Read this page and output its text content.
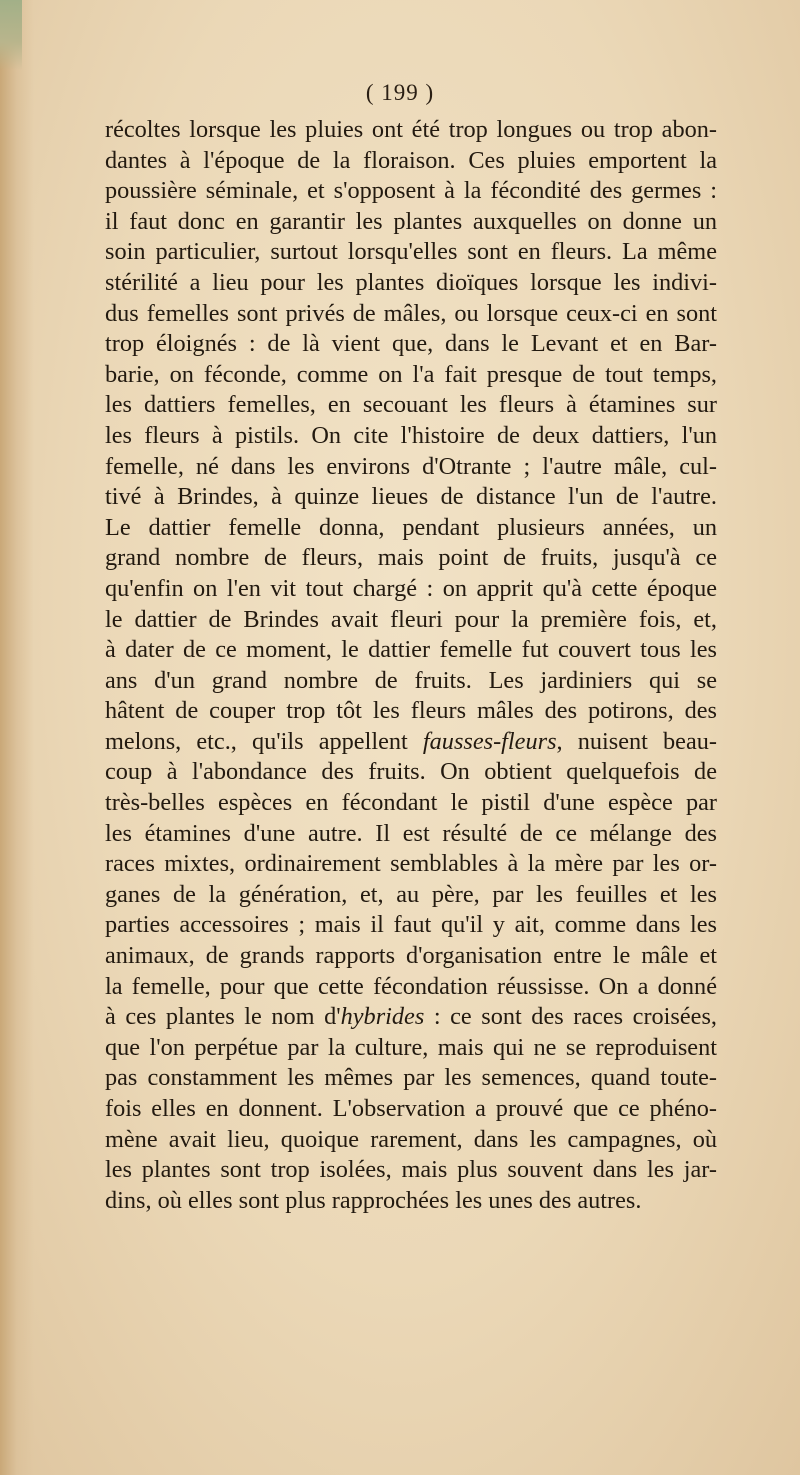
( 199 )
récoltes lorsque les pluies ont été trop longues ou trop abon-
dantes à l'époque de la floraison. Ces pluies emportent la
poussière séminale, et s'opposent à la fécondité des germes :
il faut donc en garantir les plantes auxquelles on donne un
soin particulier, surtout lorsqu'elles sont en fleurs. La même
stérilité a lieu pour les plantes dioïques lorsque les indivi-
dus femelles sont privés de mâles, ou lorsque ceux-ci en sont
trop éloignés : de là vient que, dans le Levant et en Bar-
barie, on féconde, comme on l'a fait presque de tout temps,
les dattiers femelles, en secouant les fleurs à étamines sur
les fleurs à pistils. On cite l'histoire de deux dattiers, l'un
femelle, né dans les environs d'Otrante ; l'autre mâle, cul-
tivé à Brindes, à quinze lieues de distance l'un de l'autre.
Le dattier femelle donna, pendant plusieurs années, un
grand nombre de fleurs, mais point de fruits, jusqu'à ce
qu'enfin on l'en vit tout chargé : on apprit qu'à cette époque
le dattier de Brindes avait fleuri pour la première fois, et,
à dater de ce moment, le dattier femelle fut couvert tous les
ans d'un grand nombre de fruits. Les jardiniers qui se
hâtent de couper trop tôt les fleurs mâles des potirons, des
melons, etc., qu'ils appellent fausses-fleurs, nuisent beau-
coup à l'abondance des fruits. On obtient quelquefois de
très-belles espèces en fécondant le pistil d'une espèce par
les étamines d'une autre. Il est résulté de ce mélange des
races mixtes, ordinairement semblables à la mère par les or-
ganes de la génération, et, au père, par les feuilles et les
parties accessoires ; mais il faut qu'il y ait, comme dans les
animaux, de grands rapports d'organisation entre le mâle et
la femelle, pour que cette fécondation réussisse. On a donné
à ces plantes le nom d'hybrides : ce sont des races croisées,
que l'on perpétue par la culture, mais qui ne se reproduisent
pas constamment les mêmes par les semences, quand toute-
fois elles en donnent. L'observation a prouvé que ce phéno-
mène avait lieu, quoique rarement, dans les campagnes, où
les plantes sont trop isolées, mais plus souvent dans les jar-
dins, où elles sont plus rapprochées les unes des autres.
